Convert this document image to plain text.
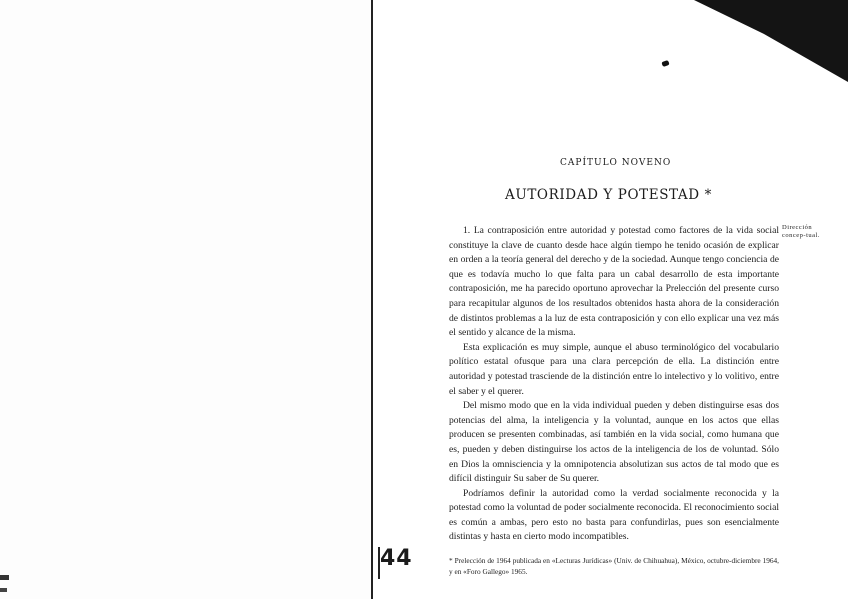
CAPÍTULO NOVENO
AUTORIDAD Y POTESTAD *
Dirección concep-tual.

1. La contraposición entre autoridad y potestad como factores de la vida social constituye la clave de cuanto desde hace algún tiempo he tenido ocasión de explicar en orden a la teoría general del derecho y de la sociedad. Aunque tengo conciencia de que es todavía mucho lo que falta para un cabal desarrollo de esta importante contraposición, me ha parecido oportuno aprovechar la Prelección del presente curso para recapitular algunos de los resultados obtenidos hasta ahora de la consideración de distintos problemas a la luz de esta contraposición y con ello explicar una vez más el sentido y alcance de la misma.

Esta explicación es muy simple, aunque el abuso terminológico del vocabulario político estatal ofusque para una clara percepción de ella. La distinción entre autoridad y potestad trasciende de la distinción entre lo intelectivo y lo volitivo, entre el saber y el querer.

Del mismo modo que en la vida individual pueden y deben distinguirse esas dos potencias del alma, la inteligencia y la voluntad, aunque en los actos que ellas producen se presenten combinadas, así también en la vida social, como humana que es, pueden y deben distinguirse los actos de la inteligencia de los de voluntad. Sólo en Dios la omnisciencia y la omnipotencia absolutizan sus actos de tal modo que es difícil distinguir Su saber de Su querer.

Podríamos definir la autoridad como la verdad socialmente reconocida y la potestad como la voluntad de poder socialmente reconocida. El reconocimiento social es común a ambas, pero esto no basta para confundirlas, pues son esencialmente distintas y hasta en cierto modo incompatibles.

* Prelección de 1964 publicada en «Lecturas Jurídicas» (Univ. de Chihuahua), México, octubre-diciembre 1964, y en «Foro Gallego» 1965.
44
